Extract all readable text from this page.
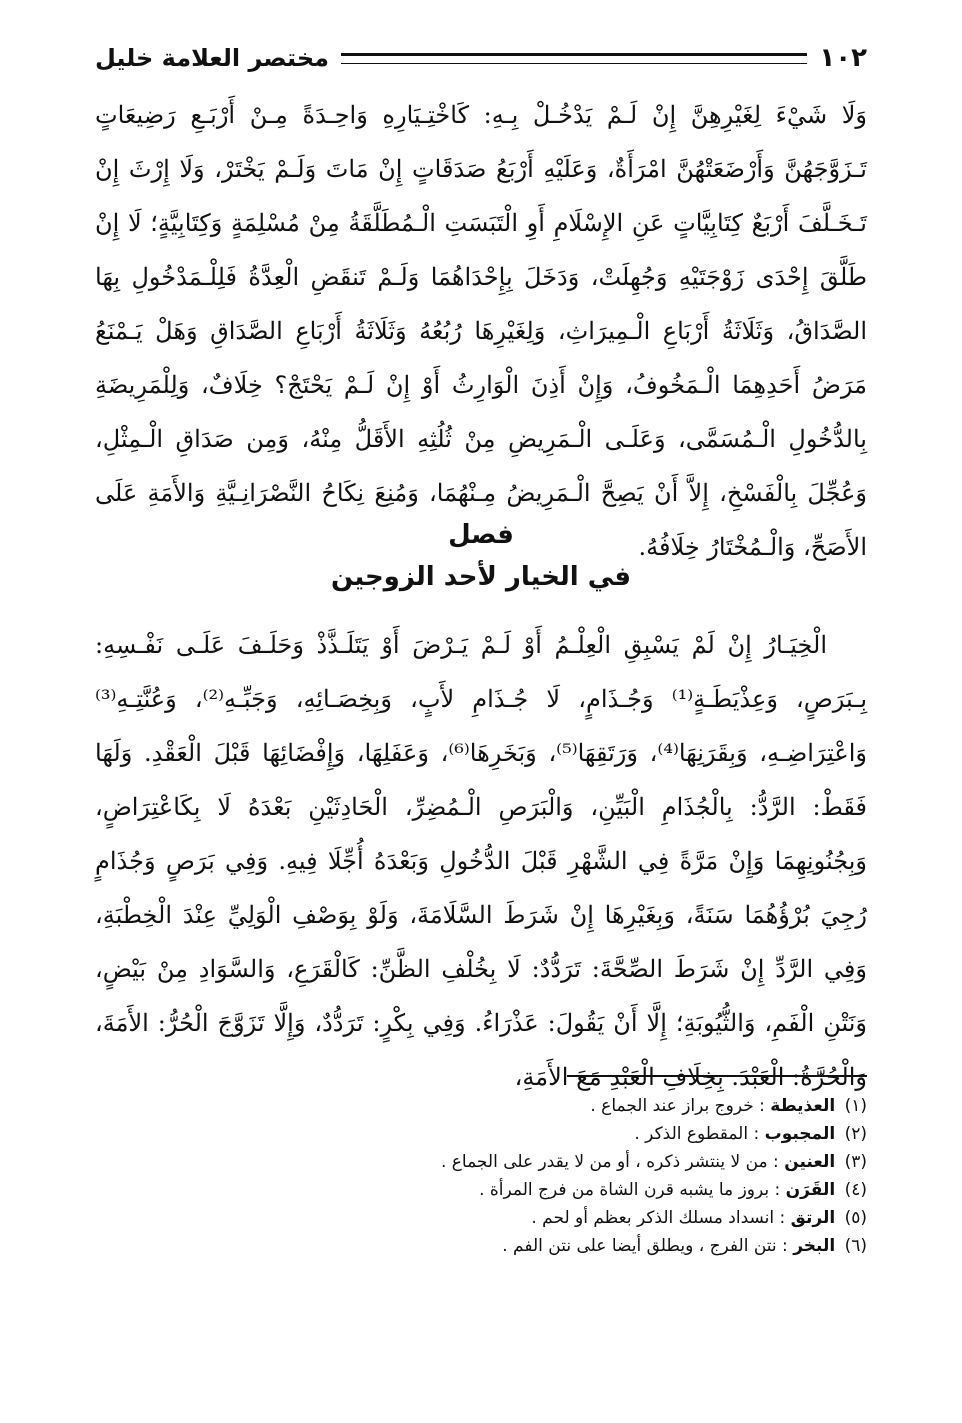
١٠٢
مختصر العلامة خليل

وَلَا شَيْءَ لِغَيْرِهِنَّ إِنْ لَـمْ يَدْخُـلْ بِـهِ: كَاخْتِـيَارِهِ وَاحِـدَةً مِـنْ أَرْبَـعِ رَضِيعَاتٍ تَـزَوَّجَهُنَّ وَأَرْضَعَتْهُنَّ امْرَأَةٌ، وَعَلَيْهِ أَرْبَعُ صَدَقَاتٍ إِنْ مَاتَ وَلَـمْ يَخْتَرْ، وَلَا إِرْثَ إِنْ تَـخَـلَّفَ أَرْبَعٌ كِتَابِيَّاتٍ عَنِ الإِسْلَامِ أَوِ الْتَبَسَتِ الْـمُطَلَّقَةُ مِنْ مُسْلِمَةٍ وَكِتَابِيَّةٍ؛ لَا إِنْ طَلَّقَ إِحْدَى زَوْجَتَيْهِ وَجُهِلَتْ، وَدَخَلَ بِإِحْدَاهُمَا وَلَـمْ تَنقَضِ الْعِدَّةُ فَلِلْـمَدْخُولِ بِهَا الصَّدَاقُ، وَثَلَاثَةُ أَرْبَاعِ الْـمِيرَاثِ، وَلِغَيْرِهَا رُبُعُهُ وَثَلَاثَةُ أَرْبَاعِ الصَّدَاقِ وَهَلْ يَـمْنَعُ مَرَضُ أَحَدِهِمَا الْـمَخُوفُ، وَإِنْ أَذِنَ الْوَارِثُ أَوْ إِنْ لَـمْ يَحْتَجْ؟ خِلَافٌ، وَلِلْمَرِيضَةِ بِالدُّخُولِ الْـمُسَمَّى، وَعَلَـى الْـمَرِيضِ مِنْ ثُلُثِهِ الأَقَلُّ مِنْهُ، وَمِن صَدَاقِ الْـمِثْلِ، وَعُجِّلَ بِالْفَسْخِ، إِلاَّ أَنْ يَصِحَّ الْـمَرِيضُ مِـنْهُمَا، وَمُنِعَ نِكَاحُ النَّصْرَانِـيَّةِ وَالأَمَةِ عَلَى الأَصَحِّ، وَالْـمُخْتَارُ خِلَافُهُ.

فصل
في الخيار لأحد الزوجين

الْخِيَـارُ إِنْ لَمْ يَسْبِقِ الْعِلْـمُ أَوْ لَـمْ يَـرْضَ أَوْ يَتَلَـذَّذْ وَحَلَـفَ عَلَـى نَفْـسِهِ: بِـبَرَصٍ، وَعِذْيَطَـةٍ⁽¹⁾ وَجُـذَامٍ، لَا جُـذَامِ لأَبٍ، وَبِخِصَـائِهِ، وَجَبِّـهِ⁽²⁾، وَعُنَّتِـهِ⁽³⁾ وَاعْتِرَاضِـهِ، وَبِقَرَنِهَا⁽⁴⁾، وَرَتَقِهَا⁽⁵⁾، وَبَخَرِهَا⁽⁶⁾، وَعَفَلِهَا، وَإِفْضَائِهَا قَبْلَ الْعَقْدِ. وَلَهَا فَقَطْ: الرَّدُّ: بِالْجُذَامِ الْبَيِّنِ، وَالْبَرَصِ الْـمُضِرِّ، الْحَادِثَيْنِ بَعْدَهُ لَا بِكَاعْتِرَاضٍ، وَبِجُنُونِهِمَا وَإِنْ مَرَّةً فِي الشَّهْرِ قَبْلَ الدُّخُولِ وَبَعْدَهُ أُجِّلَا فِيهِ. وَفِي بَرَصٍ وَجُذَامٍ رُجِيَ بُرْؤُهُمَا سَنَةً، وَبِغَيْرِهَا إِنْ شَرَطَ السَّلَامَةَ، وَلَوْ بِوَصْفِ الْوَلِيِّ عِنْدَ الْخِطْبَةِ، وَفِي الرَّدِّ إِنْ شَرَطَ الصِّحَّةَ: تَرَدُّدٌ: لَا بِخُلْفِ الظَّنِّ: كَالْقَرَعِ، وَالسَّوَادِ مِنْ بَيْضٍ، وَنَتْنِ الْفَمِ، وَالثُّيُوبَةِ؛ إِلَّا أَنْ يَقُولَ: عَذْرَاءُ. وَفِي بِكْرٍ: تَرَدُّدٌ، وَإِلَّا تَزَوَّجَ الْحُرُّ: الأَمَةَ، وَالْحُرَّةُ: الْعَبْدَ. بِخِلَافِ الْعَبْدِ مَعَ الأَمَةِ،

(١) العذيطة : خروج براز عند الجماع .
(٢) المجبوب : المقطوع الذكر .
(٣) العنين : من لا ينتشر ذكره ، أو من لا يقدر على الجماع .
(٤) القَرَن : بروز ما يشبه قرن الشاة من فرج المرأة .
(٥) الرتق : انسداد مسلك الذكر بعظم أو لحم .
(٦) البخر : نتن الفرج ، ويطلق أيضا على نتن الفم .
